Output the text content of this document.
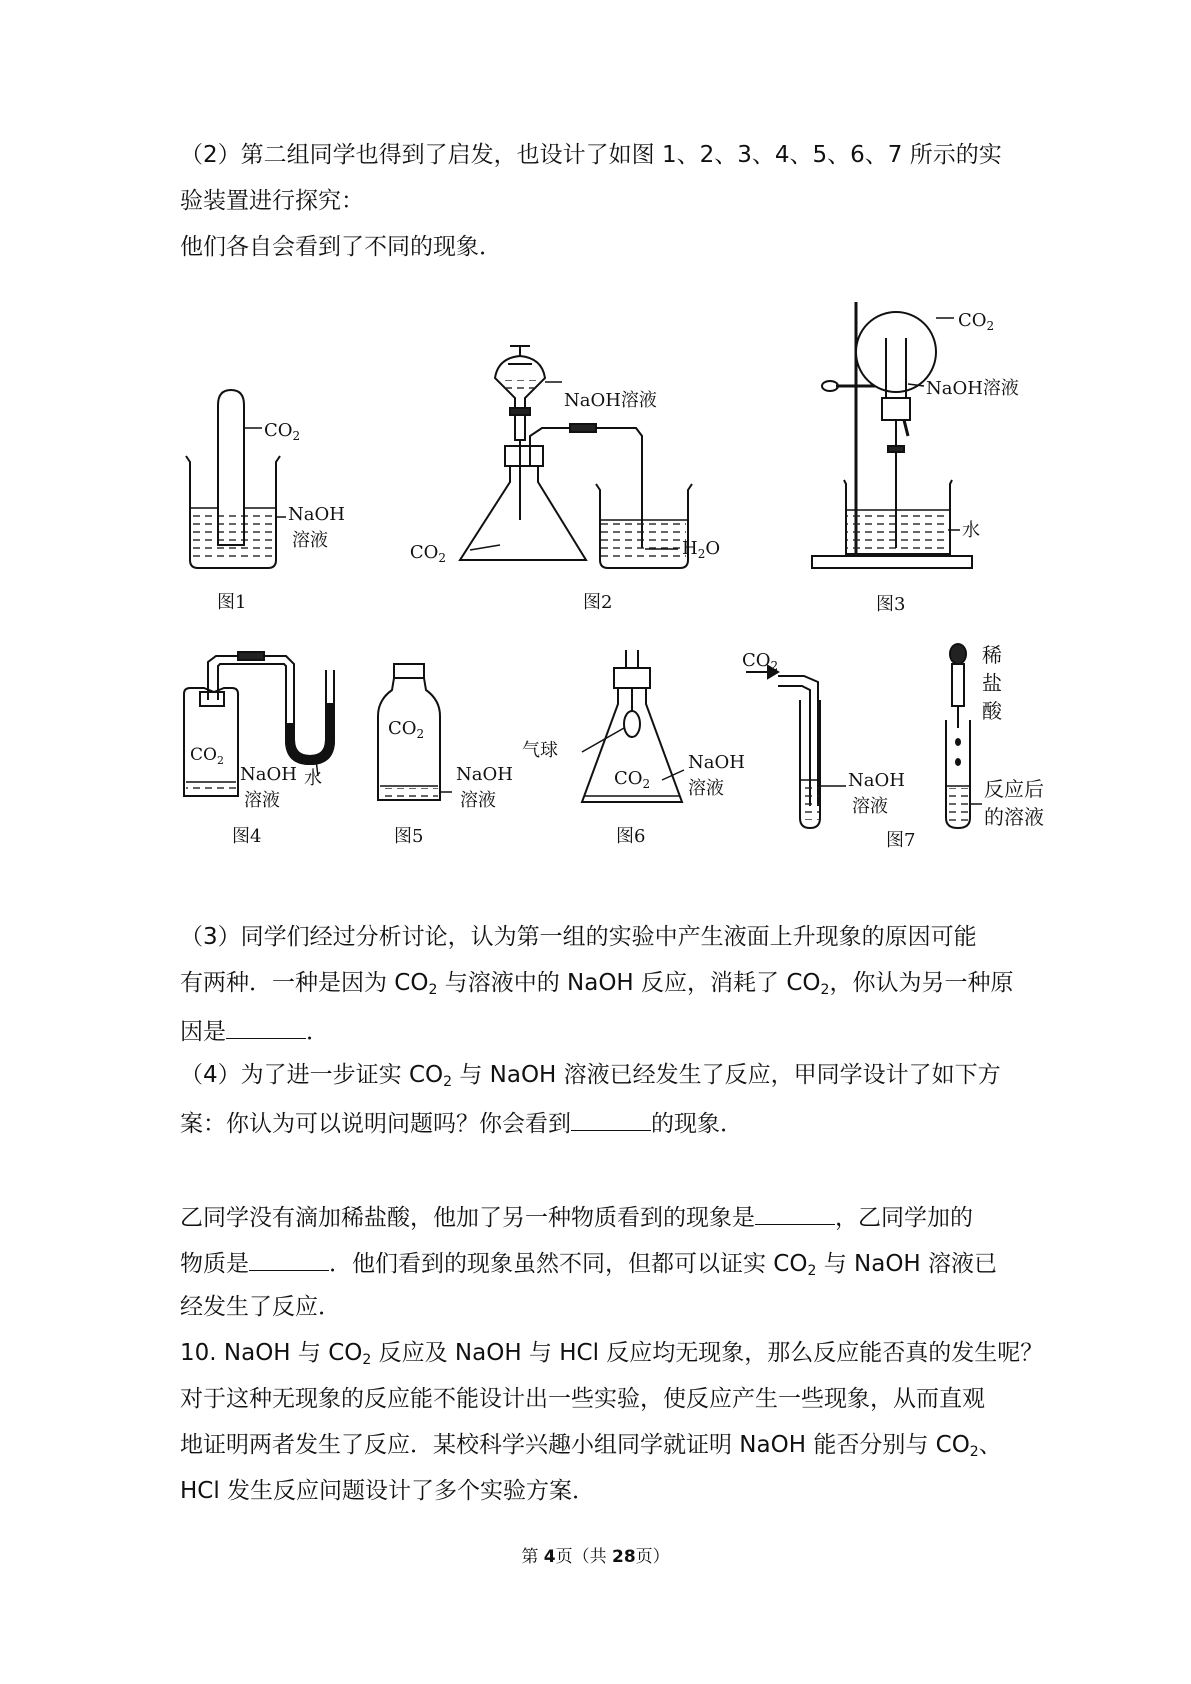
（2）第二组同学也得到了启发，也设计了如图 1、2、3、4、5、6、7 所示的实
验装置进行探究：
他们各自会看到了不同的现象．
$CO_2$
NaOH
溶液
图1
NaOH溶液
$CO_2$	$H_2O$
图2
$CO_2$
NaOH溶液
水
图3
$CO_2$
NaOH
溶液
水
图4
$CO_2$
NaOH
溶液
图5
气球
$CO_2$
NaOH
溶液
图6
$CO_2$
NaOH
溶液
稀
盐
酸
反应后
的溶液
图7
（3）同学们经过分析讨论，认为第一组的实验中产生液面上升现象的原因可能
有两种．一种是因为 $CO_2$ 与溶液中的 NaOH 反应，消耗了 $CO_2$，你认为另一种原
因是	．
（4）为了进一步证实 $CO_2$ 与 NaOH 溶液已经发生了反应，甲同学设计了如下方
案：你认为可以说明问题吗？你会看到	的现象．
乙同学没有滴加稀盐酸，他加了另一种物质看到的现象是	，乙同学加的
物质是	．他们看到的现象虽然不同，但都可以证实 $CO_2$ 与 NaOH 溶液已
经发生了反应．
10. NaOH 与 $CO_2$ 反应及 NaOH 与 HCl 反应均无现象，那么反应能否真的发生呢？
对于这种无现象的反应能不能设计出一些实验，使反应产生一些现象，从而直观
地证明两者发生了反应．某校科学兴趣小组同学就证明 NaOH 能否分别与 $CO_2$、
HCl 发生反应问题设计了多个实验方案．
第 4页（共 28页）
